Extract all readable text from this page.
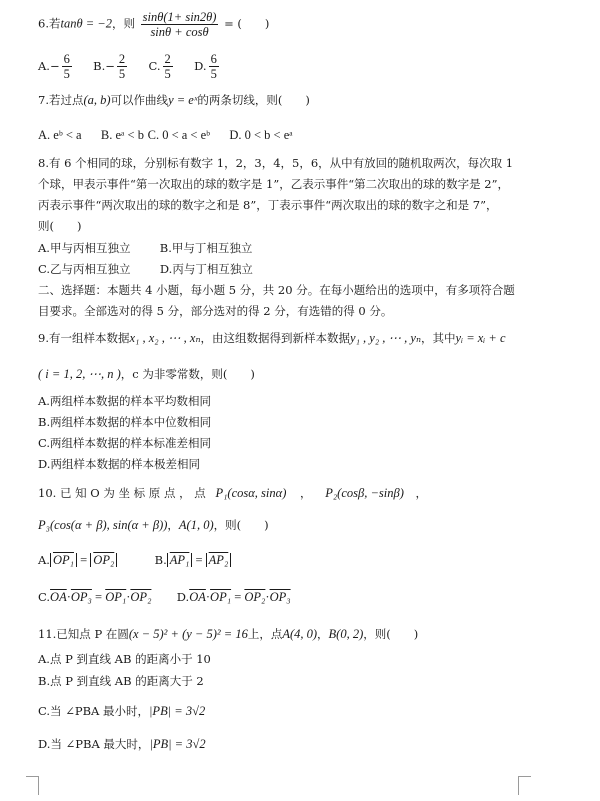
6.若tanθ = −2，则 $\frac{\sin\theta(1+ \sin 2\theta)}{\sin\theta + \cos\theta}$ = (　　)
$A.- \frac{6}{5} B.- \frac{2}{5} C$. $\frac{2}{5} D$. $\frac{6}{5}$
7.若过点(a, b)可以作曲线y = eˣ的两条切线，则(　　)
A. eᵇ < a B. eᵃ < b C. 0 < a < eᵇ D. 0 < b < eᵃ
8.有 6 个相同的球，分别标有数字 1，2，3，4，5，6，从中有放回的随机取两次，每次取 1
个球，甲表示事件“第一次取出的球的数字是 1”，乙表示事件“第二次取出的球的数字是 2”，
丙表示事件“两次取出的球的数字之和是 8”，丁表示事件“两次取出的球的数字之和是 7”，
则(　　)
A.甲与丙相互独立	B.甲与丁相互独立
C.乙与丙相互独立	D.丙与丁相互独立
二、选择题：本题共 4 小题，每小题 5 分，共 20 分。在每小题给出的选项中，有多项符合题
目要求。全部选对的得 5 分，部分选对的得 2 分，有选错的得 0 分。
9.有一组样本数据x₁ , x₂ , ⋯ , xₙ，由这组数据得到新样本数据y₁ , y₂ , ⋯ , yₙ，其中yᵢ = xᵢ + c
( i = 1, 2, ⋯, n )，c 为非零常数，则(　　)
A.两组样本数据的样本平均数相同
B.两组样本数据的样本中位数相同
C.两组样本数据的样本标准差相同
D.两组样本数据的样本极差相同
10. 已 知 O 为 坐 标 原 点 ， 点 P₁(cosα, sinα) ， P₂(cosβ, −sinβ) ，
P₃(cos(α + β), sin(α + β))，A(1, 0)，则(　　)
A. OP₁ = OP₂	B. AP₁ = AP₂
$C.\overline{OA}\cdot OP_3 = OP_1\cdot OP_2$ $D.\overline{OA}\cdot OP_1 = OP_2\cdot OP_3$
11.已知点 P 在圆(x − 5)² + (y − 5)² = 16上，点A(4, 0)，B(0, 2)，则(　　)
A.点 P 到直线 AB 的距离小于 10
B.点 P 到直线 AB 的距离大于 2
C.当 ∠PBA 最小时，|PB| = 3√2
D.当 ∠PBA 最大时，|PB| = 3√2
